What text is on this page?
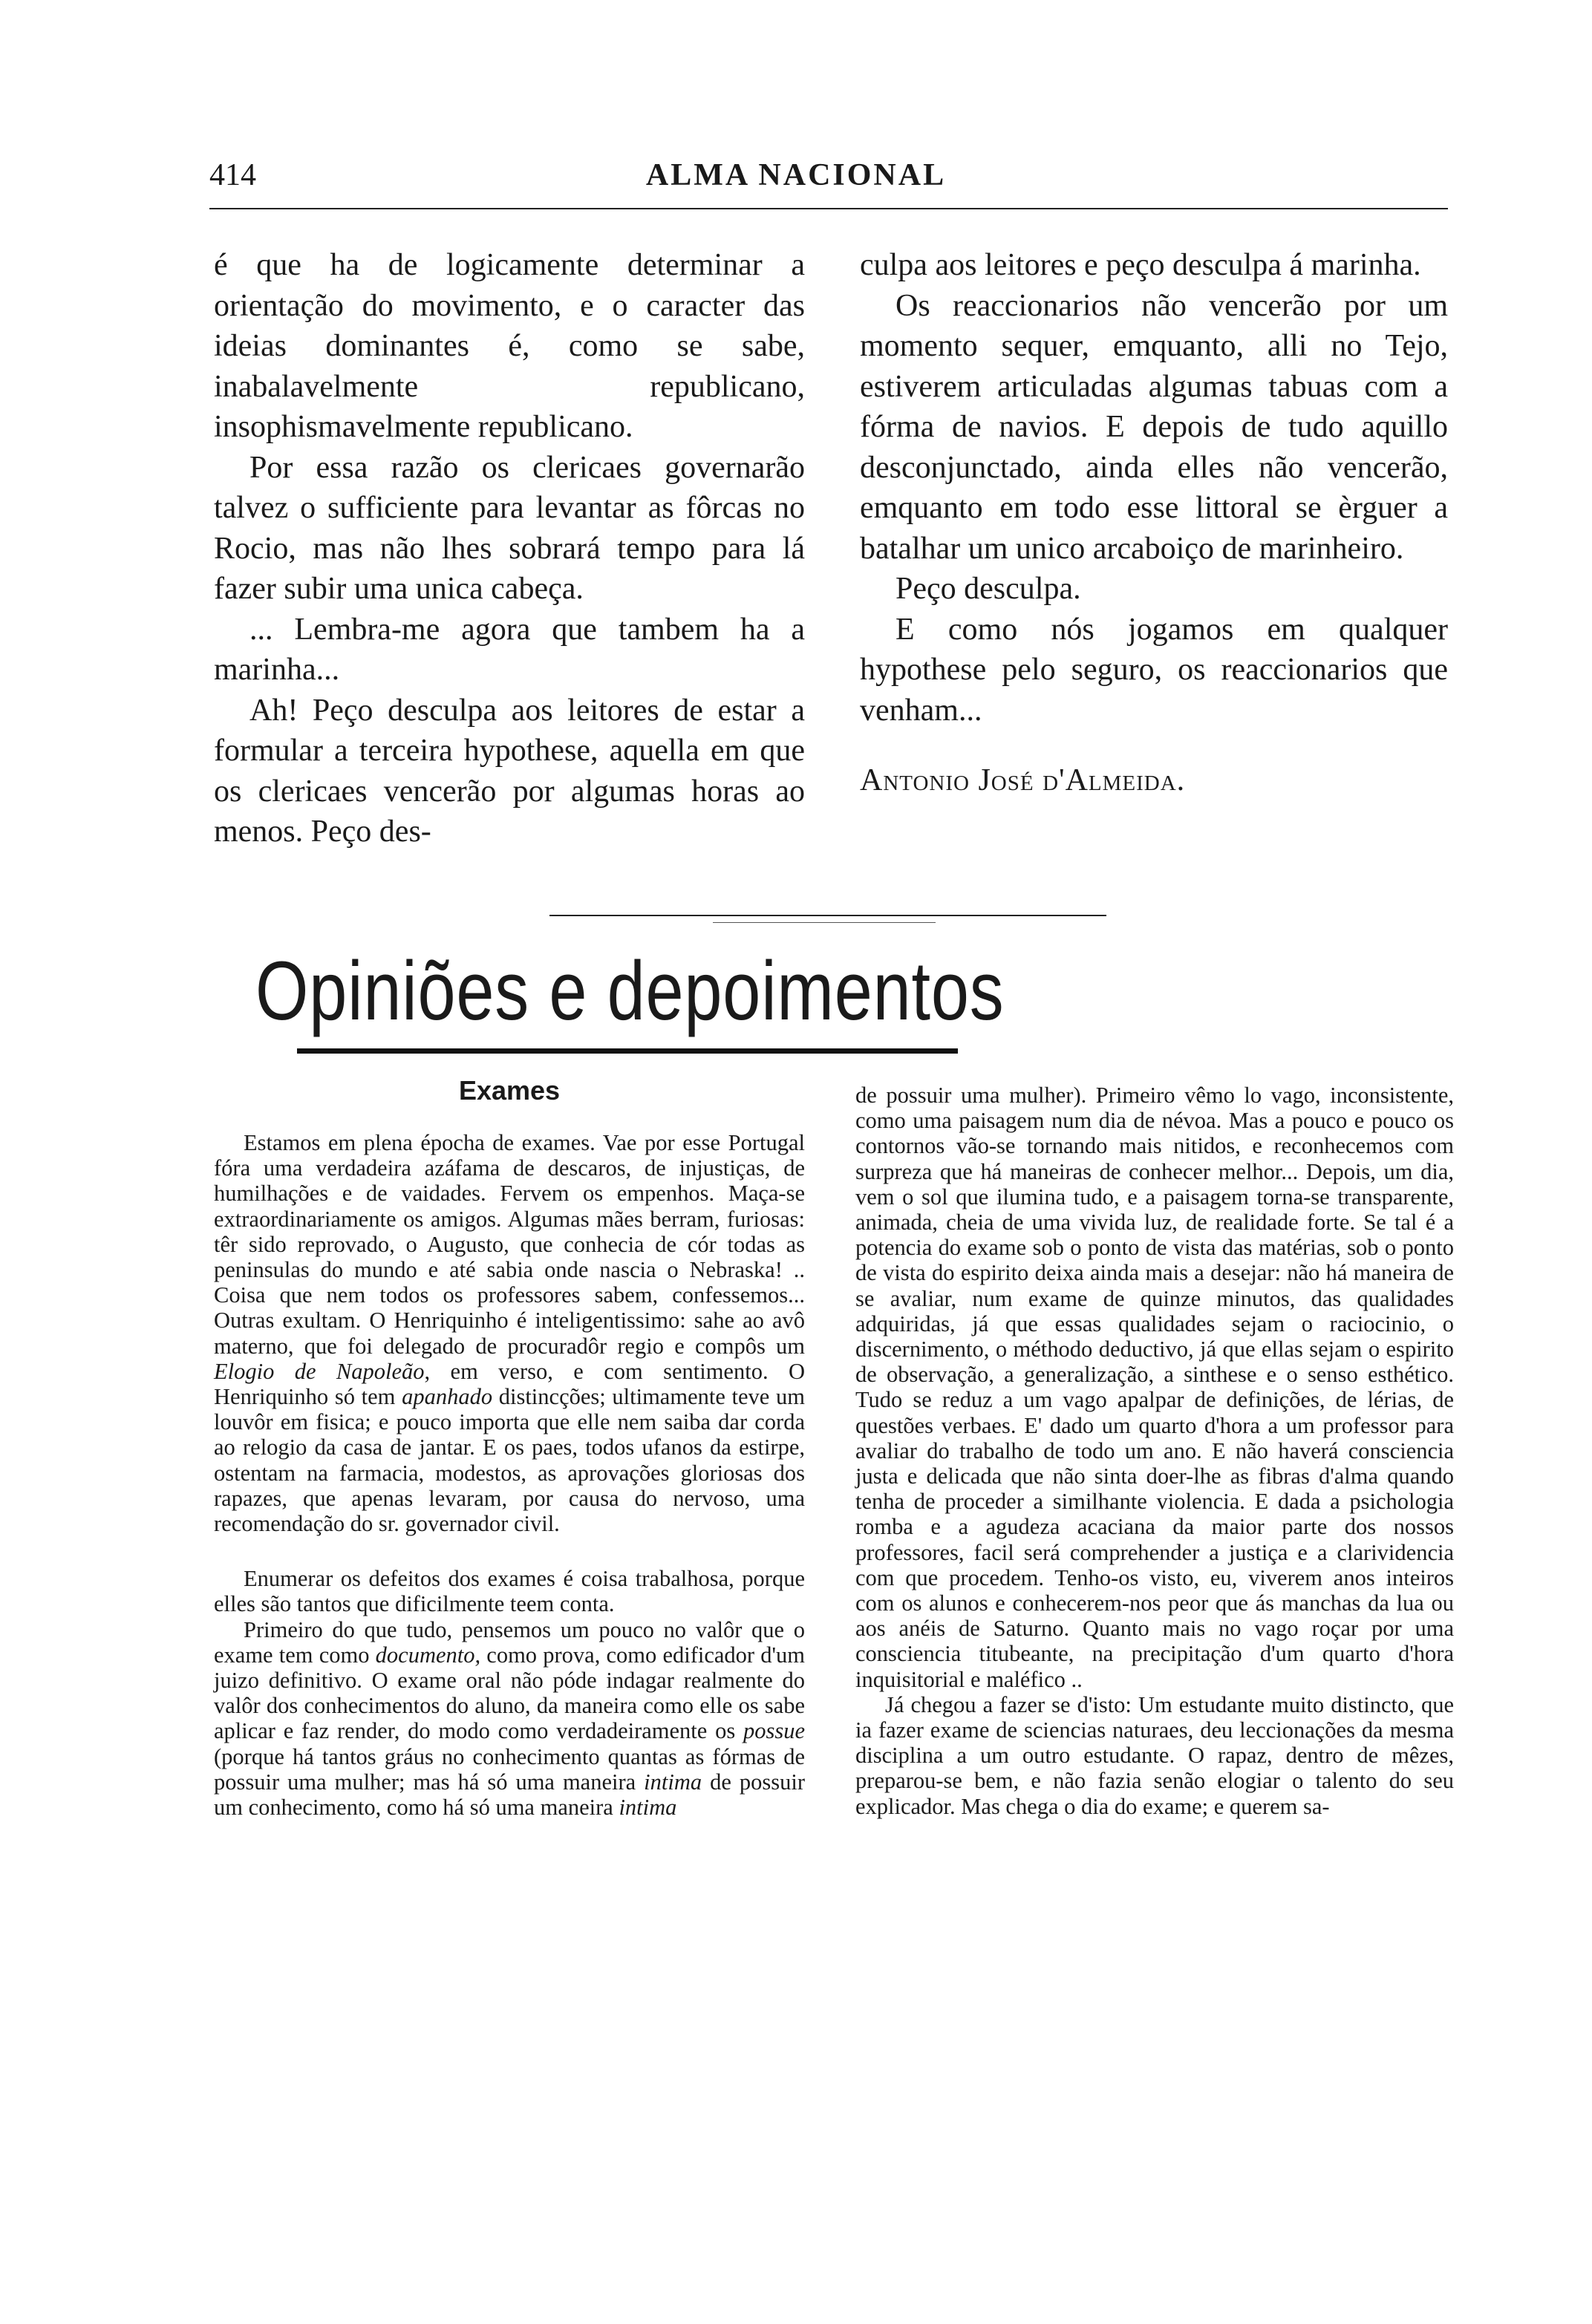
414	ALMA NACIONAL

é que ha de logicamente determinar a orientação do movimento, e o caracter das ideias dominantes é, como se sabe, inabalavelmente republicano, insophismavelmente republicano.

Por essa razão os clericaes governarão talvez o sufficiente para levantar as fôrcas no Rocio, mas não lhes sobrará tempo para lá fazer subir uma unica cabeça.

... Lembra-me agora que tambem ha a marinha...

Ah! Peço desculpa aos leitores de estar a formular a terceira hypothese, aquella em que os clericaes vencerão por algumas horas ao menos. Peço des-

culpa aos leitores e peço desculpa á marinha.

Os reaccionarios não vencerão por um momento sequer, emquanto, alli no Tejo, estiverem articuladas algumas tabuas com a fórma de navios. E depois de tudo aquillo desconjunctado, ainda elles não vencerão, emquanto em todo esse littoral se èrguer a batalhar um unico arcaboiço de marinheiro.

Peço desculpa.

E como nós jogamos em qualquer hypothese pelo seguro, os reaccionarios que venham...

Antonio José d'Almeida.

Opiniões e depoimentos
Exames

Estamos em plena épocha de exames. Vae por esse Portugal fóra uma verdadeira azáfama de descaros, de injustiças, de humilhações e de vaidades. Fervem os empenhos. Maça-se extraordinariamente os amigos. Algumas mães berram, furiosas: têr sido reprovado, o Augusto, que conhecia de cór todas as peninsulas do mundo e até sabia onde nascia o Nebraska! .. Coisa que nem todos os professores sabem, confessemos... Outras exultam. O Henriquinho é inteligentissimo: sahe ao avô materno, que foi delegado de procuradôr regio e compôs um Elogio de Napoleão, em verso, e com sentimento. O Henriquinho só tem apanhado distincções; ultimamente teve um louvôr em fisica; e pouco importa que elle nem saiba dar corda ao relogio da casa de jantar. E os paes, todos ufanos da estirpe, ostentam na farmacia, modestos, as aprovações gloriosas dos rapazes, que apenas levaram, por causa do nervoso, uma recomendação do sr. governador civil.

Enumerar os defeitos dos exames é coisa trabalhosa, porque elles são tantos que dificilmente teem conta.

Primeiro do que tudo, pensemos um pouco no valôr que o exame tem como documento, como prova, como edificador d'um juizo definitivo. O exame oral não póde indagar realmente do valôr dos conhecimentos do aluno, da maneira como elle os sabe aplicar e faz render, do modo como verdadeiramente os possue (porque há tantos gráus no conhecimento quantas as fórmas de possuir uma mulher; mas há só uma maneira intima de possuir um conhecimento, como há só uma maneira intima

de possuir uma mulher). Primeiro vêmo lo vago, inconsistente, como uma paisagem num dia de névoa. Mas a pouco e pouco os contornos vão-se tornando mais nitidos, e reconhecemos com surpreza que há maneiras de conhecer melhor... Depois, um dia, vem o sol que ilumina tudo, e a paisagem torna-se transparente, animada, cheia de uma vivida luz, de realidade forte. Se tal é a potencia do exame sob o ponto de vista das matérias, sob o ponto de vista do espirito deixa ainda mais a desejar: não há maneira de se avaliar, num exame de quinze minutos, das qualidades adquiridas, já que essas qualidades sejam o raciocinio, o discernimento, o méthodo deductivo, já que ellas sejam o espirito de observação, a generalização, a sinthese e o senso esthético. Tudo se reduz a um vago apalpar de definições, de lérias, de questões verbaes. E' dado um quarto d'hora a um professor para avaliar do trabalho de todo um ano. E não haverá consciencia justa e delicada que não sinta doer-lhe as fibras d'alma quando tenha de proceder a similhante violencia. E dada a psichologia romba e a agudeza acaciana da maior parte dos nossos professores, facil será comprehender a justiça e a clarividencia com que procedem. Tenho-os visto, eu, viverem anos inteiros com os alunos e conhecerem-nos peor que ás manchas da lua ou aos anéis de Saturno. Quanto mais no vago roçar por uma consciencia titubeante, na precipitação d'um quarto d'hora inquisitorial e maléfico ..

Já chegou a fazer se d'isto: Um estudante muito distincto, que ia fazer exame de sciencias naturaes, deu leccionações da mesma disciplina a um outro estudante. O rapaz, dentro de mêzes, preparou-se bem, e não fazia senão elogiar o talento do seu explicador. Mas chega o dia do exame; e querem sa-
